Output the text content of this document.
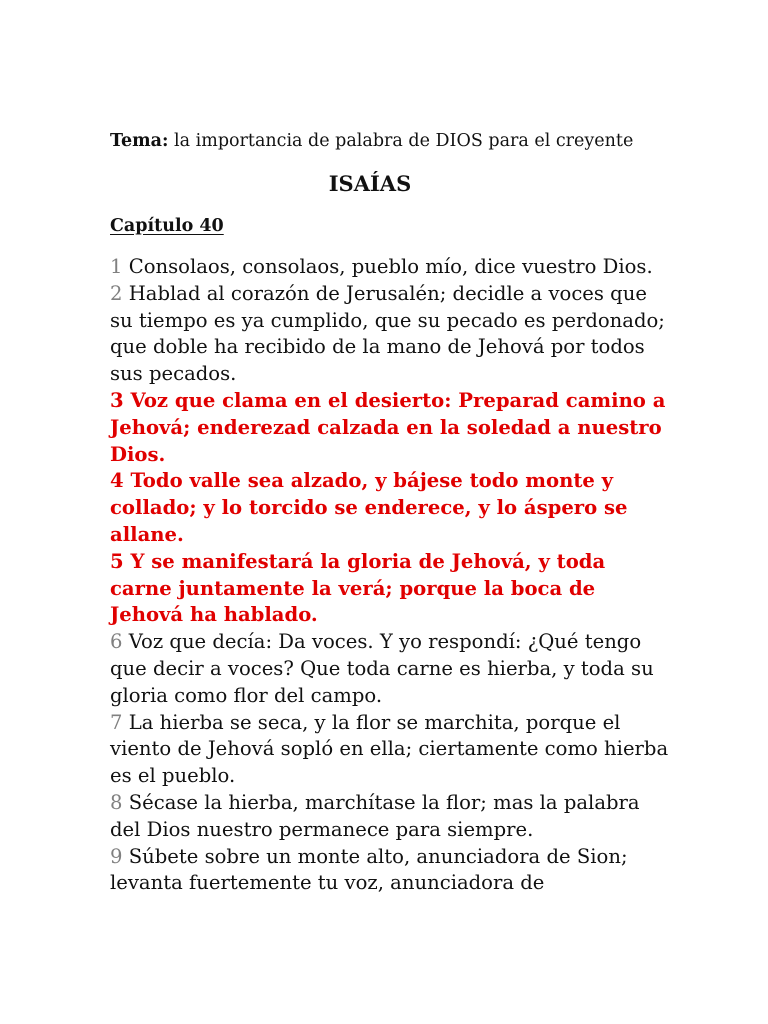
Tema: la importancia de palabra de DIOS para el creyente
ISAÍAS
Capítulo 40

1 Consolaos, consolaos, pueblo mío, dice vuestro Dios.

2 Hablad al corazón de Jerusalén; decidle a voces que su tiempo es ya cumplido, que su pecado es perdonado; que doble ha recibido de la mano de Jehová por todos sus pecados.

3 Voz que clama en el desierto: Preparad camino a Jehová; enderezad calzada en la soledad a nuestro Dios.

4 Todo valle sea alzado, y bájese todo monte y collado; y lo torcido se enderece, y lo áspero se allane.

5 Y se manifestará la gloria de Jehová, y toda carne juntamente la verá; porque la boca de Jehová ha hablado.

6 Voz que decía: Da voces. Y yo respondí: ¿Qué tengo que decir a voces? Que toda carne es hierba, y toda su gloria como flor del campo.

7 La hierba se seca, y la flor se marchita, porque el viento de Jehová sopló en ella; ciertamente como hierba es el pueblo.

8 Sécase la hierba, marchítase la flor; mas la palabra del Dios nuestro permanece para siempre.

9 Súbete sobre un monte alto, anunciadora de Sion; levanta fuertemente tu voz, anunciadora de
